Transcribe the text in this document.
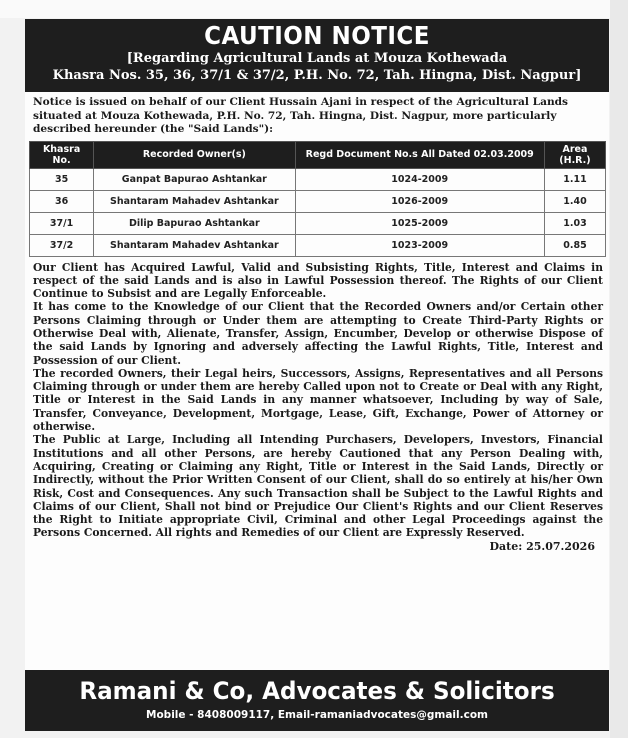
CAUTION NOTICE
[Regarding Agricultural Lands at Mouza Kothewada
Khasra Nos. 35, 36, 37/1 & 37/2, P.H. No. 72, Tah. Hingna, Dist. Nagpur]
Notice is issued on behalf of our Client Hussain Ajani in respect of the Agricultural Lands situated at Mouza Kothewada, P.H. No. 72, Tah. Hingna, Dist. Nagpur, more particularly described hereunder (the "Said Lands"):
Khasra No.	Recorded Owner(s)	Regd Document No.s All Dated 02.03.2009	Area (H.R.)
35	Ganpat Bapurao Ashtankar	1024-2009	1.11
36	Shantaram Mahadev Ashtankar	1026-2009	1.40
37/1	Dilip Bapurao Ashtankar	1025-2009	1.03
37/2	Shantaram Mahadev Ashtankar	1023-2009	0.85

Our Client has Acquired Lawful, Valid and Subsisting Rights, Title, Interest and Claims in respect of the said Lands and is also in Lawful Possession thereof. The Rights of our Client Continue to Subsist and are Legally Enforceable.

It has come to the Knowledge of our Client that the Recorded Owners and/or Certain other Persons Claiming through or Under them are attempting to Create Third-Party Rights or Otherwise Deal with, Alienate, Transfer, Assign, Encumber, Develop or otherwise Dispose of the said Lands by Ignoring and adversely affecting the Lawful Rights, Title, Interest and Possession of our Client.

The recorded Owners, their Legal heirs, Successors, Assigns, Representatives and all Persons Claiming through or under them are hereby Called upon not to Create or Deal with any Right, Title or Interest in the Said Lands in any manner whatsoever, Including by way of Sale, Transfer, Conveyance, Development, Mortgage, Lease, Gift, Exchange, Power of Attorney or otherwise.

The Public at Large, Including all Intending Purchasers, Developers, Investors, Financial Institutions and all other Persons, are hereby Cautioned that any Person Dealing with, Acquiring, Creating or Claiming any Right, Title or Interest in the Said Lands, Directly or Indirectly, without the Prior Written Consent of our Client, shall do so entirely at his/her Own Risk, Cost and Consequences. Any such Transaction shall be Subject to the Lawful Rights and Claims of our Client, Shall not bind or Prejudice Our Client's Rights and our Client Reserves the Right to Initiate appropriate Civil, Criminal and other Legal Proceedings against the Persons Concerned. All rights and Remedies of our Client are Expressly Reserved.

Date: 25.07.2026
Ramani & Co, Advocates & Solicitors
Mobile - 8408009117, Email-ramaniadvocates@gmail.com
